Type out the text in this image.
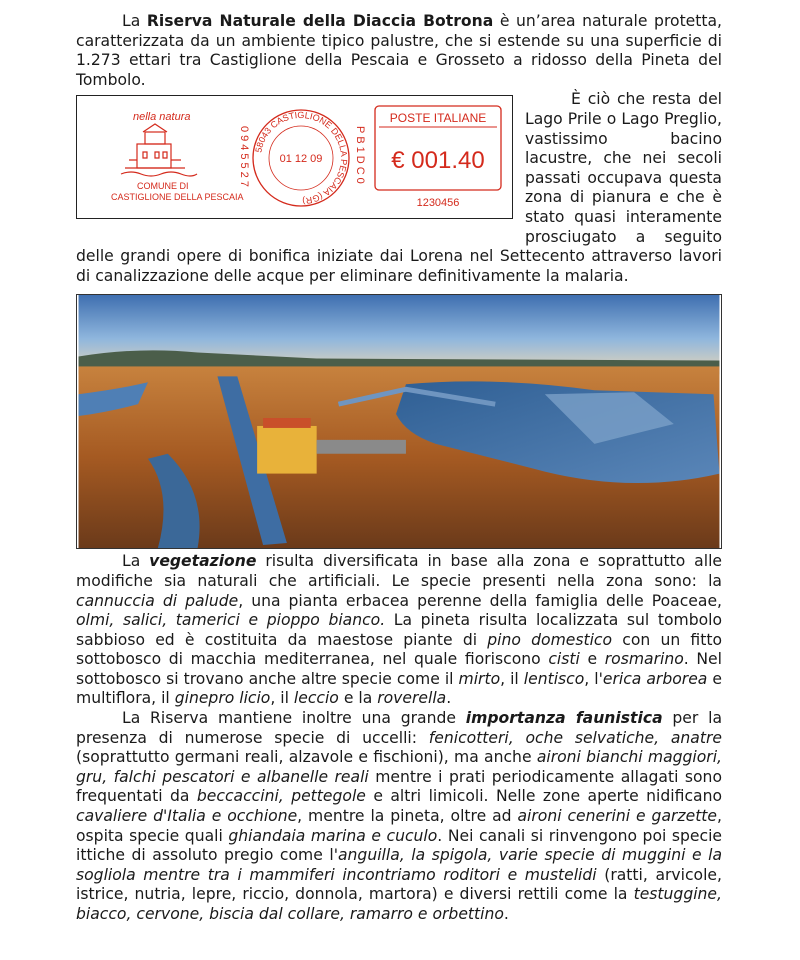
La Riserva Naturale della Diaccia Botrona è un’area naturale protetta, caratterizzata da un ambiente tipico palustre, che si estende su una superficie di 1.273 ettari tra Castiglione della Pescaia e Grosseto a ridosso della Pineta del Tombolo.

nella natura
COMUNE DI
CASTIGLIONE DELLA PESCAIA
0945527 58043 CASTIGLIONE DELLA PESCAIA (GR)
01 12 09	PB1DC0
POSTE ITALIANE
€ 001.40
1230456

È ciò che resta del Lago Prile o Lago Preglio, vastissimo bacino lacustre, che nei secoli passati occupava questa zona di pianura e che è stato quasi interamente prosciugato a seguito delle grandi opere di bonifica iniziate dai Lorena nel Settecento attraverso lavori di canalizzazione delle acque per eliminare definitivamente la malaria.

La vegetazione risulta diversificata in base alla zona e soprattutto alle modifiche sia naturali che artificiali. Le specie presenti nella zona sono: la cannuccia di palude, una pianta erbacea perenne della famiglia delle Poaceae, olmi, salici, tamerici e pioppo bianco. La pineta risulta localizzata sul tombolo sabbioso ed è costituita da maestose piante di pino domestico con un fitto sottobosco di macchia mediterranea, nel quale fioriscono cisti e rosmarino. Nel sottobosco si trovano anche altre specie come il mirto, il lentisco, l'erica arborea e multiflora, il ginepro licio, il leccio e la roverella.

La Riserva mantiene inoltre una grande importanza faunistica per la presenza di numerose specie di uccelli: fenicotteri, oche selvatiche, anatre (soprattutto germani reali, alzavole e fischioni), ma anche aironi bianchi maggiori, gru, falchi pescatori e albanelle reali mentre i prati periodicamente allagati sono frequentati da beccaccini, pettegole e altri limicoli. Nelle zone aperte nidificano cavaliere d'Italia e occhione, mentre la pineta, oltre ad aironi cenerini e garzette, ospita specie quali ghiandaia marina e cuculo. Nei canali si rinvengono poi specie ittiche di assoluto pregio come l'anguilla, la spigola, varie specie di muggini e la sogliola mentre tra i mammiferi incontriamo roditori e mustelidi (ratti, arvicole, istrice, nutria, lepre, riccio, donnola, martora) e diversi rettili come la testuggine, biacco, cervone, biscia dal collare, ramarro e orbettino.
